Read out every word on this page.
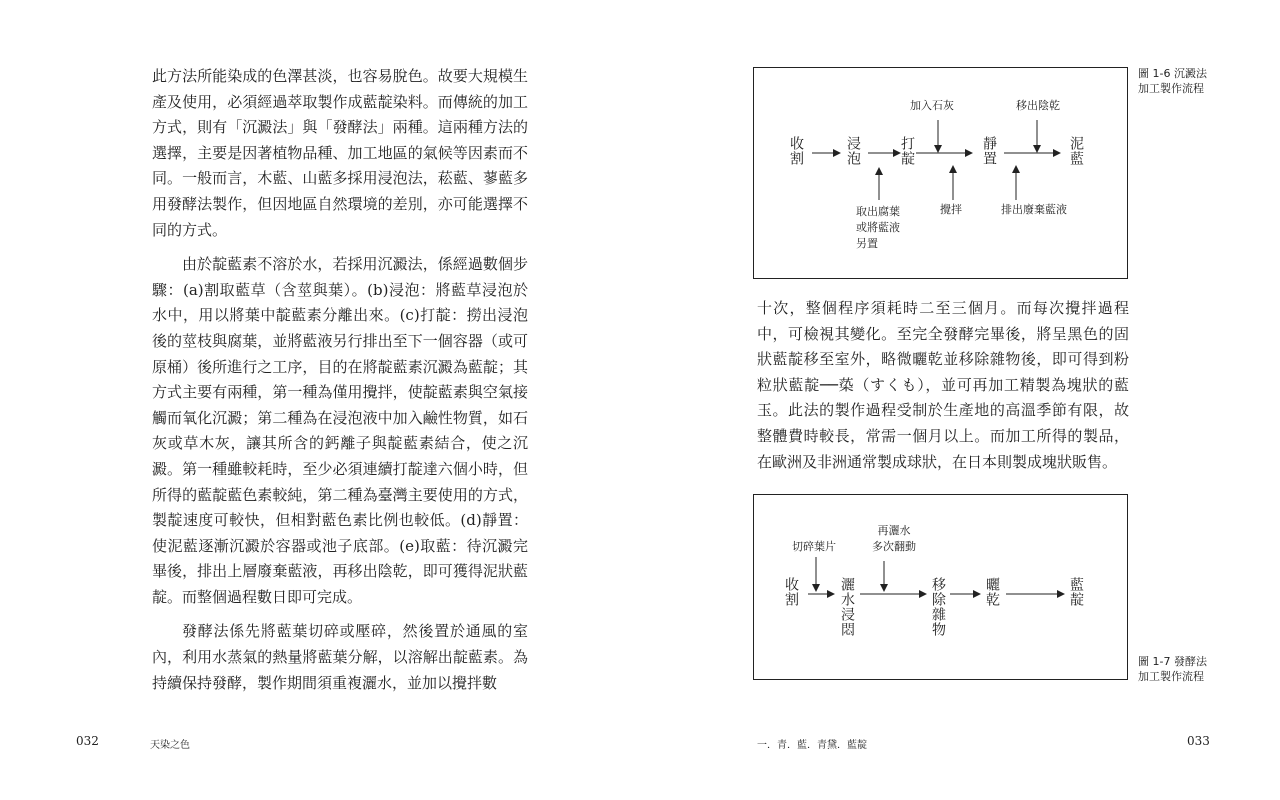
此方法所能染成的色澤甚淡，也容易脫色。故要大規模生產及使用，必須經過萃取製作成藍靛染料。而傳統的加工方式，則有「沉澱法」與「發酵法」兩種。這兩種方法的選擇，主要是因著植物品種、加工地區的氣候等因素而不同。一般而言，木藍、山藍多採用浸泡法，菘藍、蓼藍多用發酵法製作，但因地區自然環境的差別，亦可能選擇不同的方式。

由於靛藍素不溶於水，若採用沉澱法，係經過數個步驟：(a)割取藍草（含莖與葉）。(b)浸泡：將藍草浸泡於水中，用以將葉中靛藍素分離出來。(c)打靛：撈出浸泡後的莖枝與腐葉，並將藍液另行排出至下一個容器（或可原桶）後所進行之工序，目的在將靛藍素沉澱為藍靛；其方式主要有兩種，第一種為僅用攪拌，使靛藍素與空氣接觸而氧化沉澱；第二種為在浸泡液中加入鹼性物質，如石灰或草木灰，讓其所含的鈣離子與靛藍素結合，使之沉澱。第一種雖較耗時，至少必須連續打靛達六個小時，但所得的藍靛藍色素較純，第二種為臺灣主要使用的方式，製靛速度可較快，但相對藍色素比例也較低。(d)靜置：使泥藍逐漸沉澱於容器或池子底部。(e)取藍：待沉澱完畢後，排出上層廢棄藍液，再移出陰乾，即可獲得泥狀藍靛。而整個過程數日即可完成。

發酵法係先將藍葉切碎或壓碎，然後置於通風的室內，利用水蒸氣的熱量將藍葉分解，以溶解出靛藍素。為持續保持發酵，製作期間須重複灑水，並加以攪拌數

032	天染之色
收割	浸泡	打靛	靜置	泥藍
加入石灰	移出陰乾
取出腐葉
或將藍液
另置
攪拌	排出廢棄藍液
圖 1-6 沉澱法
加工製作流程

十次，整個程序須耗時二至三個月。而每次攪拌過程中，可檢視其變化。至完全發酵完畢後，將呈黑色的固狀藍靛移至室外，略微曬乾並移除雜物後，即可得到粉粒狀藍靛──蒅（すくも），並可再加工精製為塊狀的藍玉。此法的製作過程受制於生產地的高溫季節有限，故整體費時較長，常需一個月以上。而加工所得的製品，在歐洲及非洲通常製成球狀，在日本則製成塊狀販售。

收割	灑水浸悶	移除雜物	曬乾	藍靛
切碎葉片
再灑水
多次翻動
圖 1-7 發酵法
加工製作流程
一．青．藍．青黛．藍靛	033
